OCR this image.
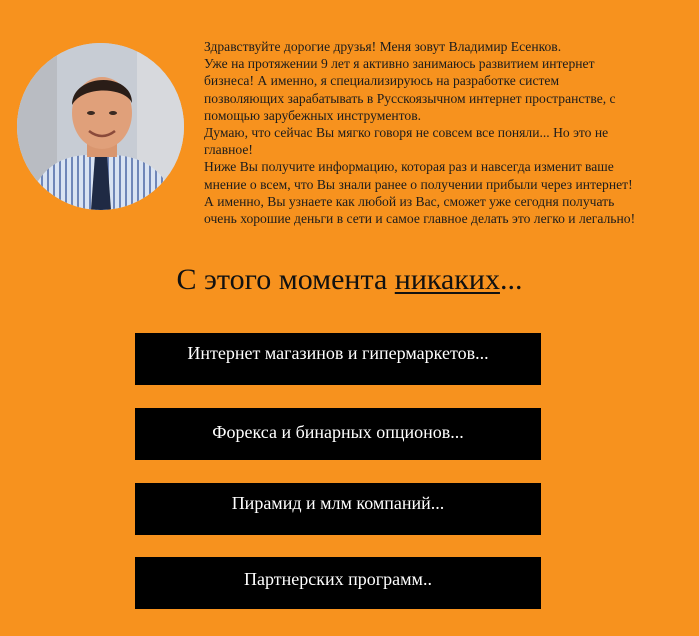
Здравствуйте дорогие друзья! Меня зовут Владимир Есенков.

Уже на протяжении 9 лет я активно занимаюсь развитием интернет

бизнеса! А именно, я специализируюсь на разработке систем

позволяющих зарабатывать в Русскоязычном интернет пространстве, с

помощью зарубежных инструментов.

Думаю, что сейчас Вы мягко говоря не совсем все поняли... Но это не

главное!

Ниже Вы получите информацию, которая раз и навсегда изменит ваше

мнение о всем, что Вы знали ранее о получении прибыли через интернет!

А именно, Вы узнаете как любой из Вас, сможет уже сегодня получать

очень хорошие деньги в сети и самое главное делать это легко и легально!

С этого момента никаких...
Интернет магазинов и гипермаркетов...
Форекса и бинарных опционов...
Пирамид и млм компаний...
Партнерских программ..
